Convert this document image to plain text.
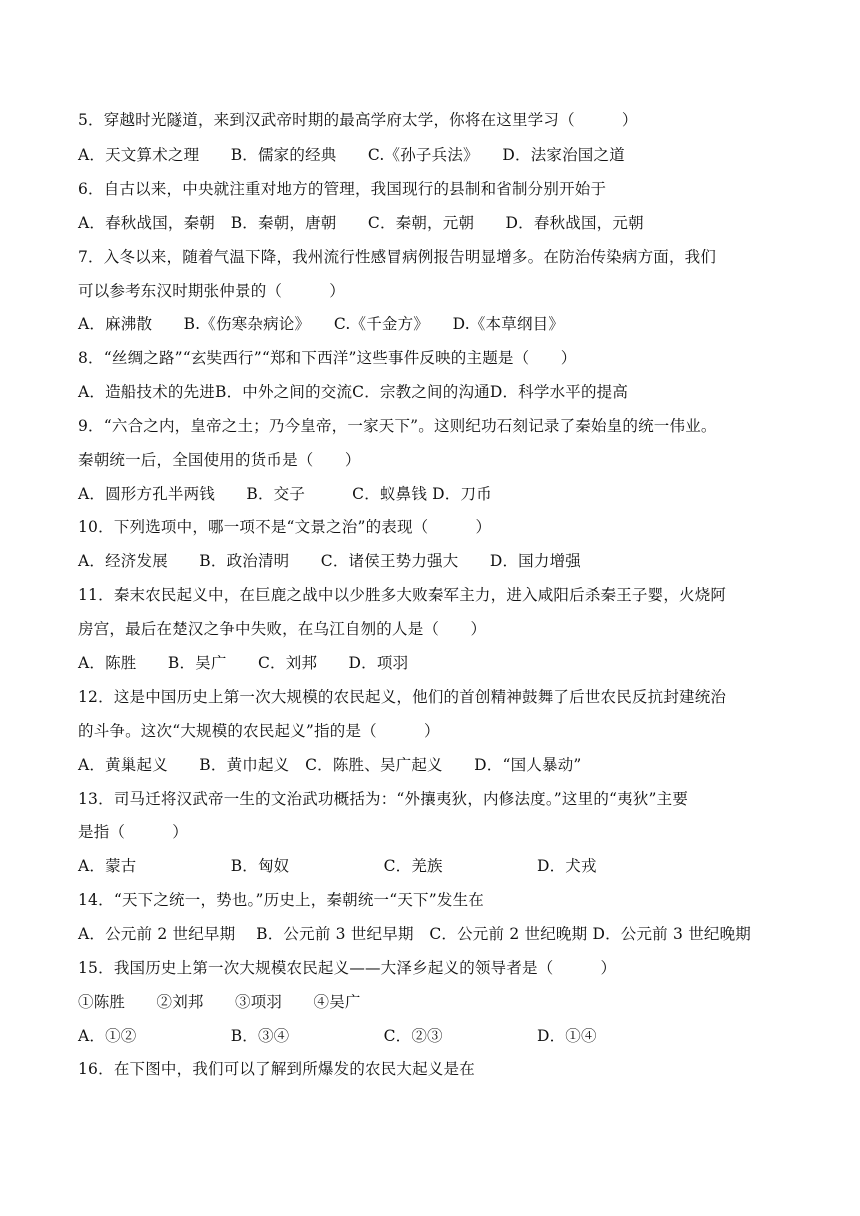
5．穿越时光隧道，来到汉武帝时期的最高学府太学，你将在这里学习（　　　）
A．天文算术之理　　B．儒家的经典　　C.《孙子兵法》　　D．法家治国之道
6．自古以来，中央就注重对地方的管理，我国现行的县制和省制分别开始于
A．春秋战国，秦朝　B．秦朝，唐朝　　C．秦朝，元朝　　D．春秋战国，元朝
7．入冬以来，随着气温下降，我州流行性感冒病例报告明显增多。在防治传染病方面，我们
可以参考东汉时期张仲景的（　　　）
A．麻沸散　　B.《伤寒杂病论》　　C.《千金方》　　D.《本草纲目》
8．“丝绸之路”“玄奘西行”“郑和下西洋”这些事件反映的主题是（　　）
A．造船技术的先进B．中外之间的交流C．宗教之间的沟通D．科学水平的提高
9．“六合之内，皇帝之土；乃今皇帝，一家天下”。这则纪功石刻记录了秦始皇的统一伟业。
秦朝统一后，全国使用的货币是（　　）
A．圆形方孔半两钱　　B．交子　　　C．蚁鼻钱 D．刀币
10．下列选项中，哪一项不是“文景之治”的表现（　　　）
A．经济发展　　B．政治清明　　C．诸侯王势力强大　　D．国力增强
11．秦末农民起义中，在巨鹿之战中以少胜多大败秦军主力，进入咸阳后杀秦王子婴，火烧阿
房宫，最后在楚汉之争中失败，在乌江自刎的人是（　　）
A．陈胜　　B．吴广　　C．刘邦　　D．项羽
12．这是中国历史上第一次大规模的农民起义，他们的首创精神鼓舞了后世农民反抗封建统治
的斗争。这次“大规模的农民起义”指的是（　　　）
A．黄巢起义　　B．黄巾起义　C．陈胜、吴广起义　　D．“国人暴动”
13．司马迁将汉武帝一生的文治武功概括为：“外攘夷狄，内修法度。”这里的“夷狄”主要
是指（　　　）
A．蒙古　　　　　　B．匈奴　　　　　　C．羌族　　　　　　D．犬戎
14．“天下之统一，势也。”历史上，秦朝统一“天下”发生在
A．公元前 2 世纪早期　 B．公元前 3 世纪早期　C．公元前 2 世纪晚期 D．公元前 3 世纪晚期
15．我国历史上第一次大规模农民起义——大泽乡起义的领导者是（　　　）
①陈胜　　②刘邦　　③项羽　　④吴广
A．①②　　　　　　B．③④　　　　　　C．②③　　　　　　D．①④
16．在下图中，我们可以了解到所爆发的农民大起义是在
